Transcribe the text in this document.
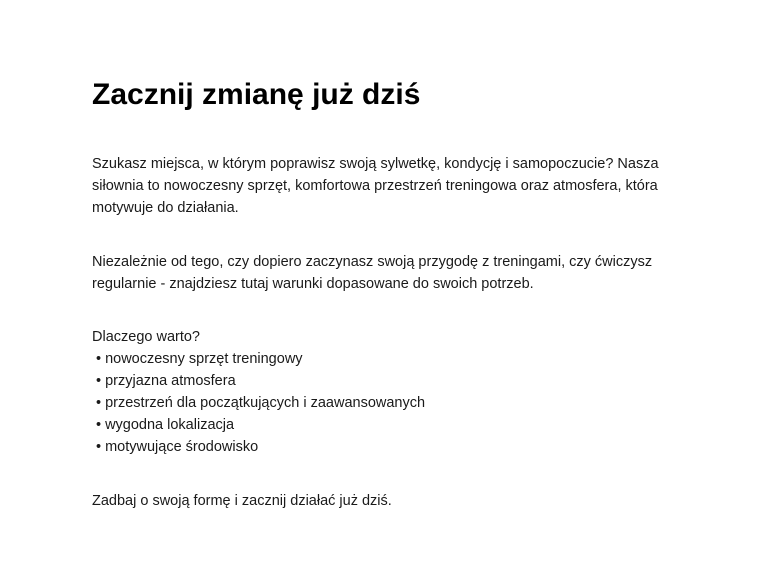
Zacznij zmianę już dziś

Szukasz miejsca, w którym poprawisz swoją sylwetkę, kondycję i samopoczucie? Nasza siłownia to nowoczesny sprzęt, komfortowa przestrzeń treningowa oraz atmosfera, która motywuje do działania.

Niezależnie od tego, czy dopiero zaczynasz swoją przygodę z treningami, czy ćwiczysz regularnie - znajdziesz tutaj warunki dopasowane do swoich potrzeb.

Dlaczego warto?
• nowoczesny sprzęt treningowy
• przyjazna atmosfera
• przestrzeń dla początkujących i zaawansowanych
• wygodna lokalizacja
• motywujące środowisko

Zadbaj o swoją formę i zacznij działać już dziś.
